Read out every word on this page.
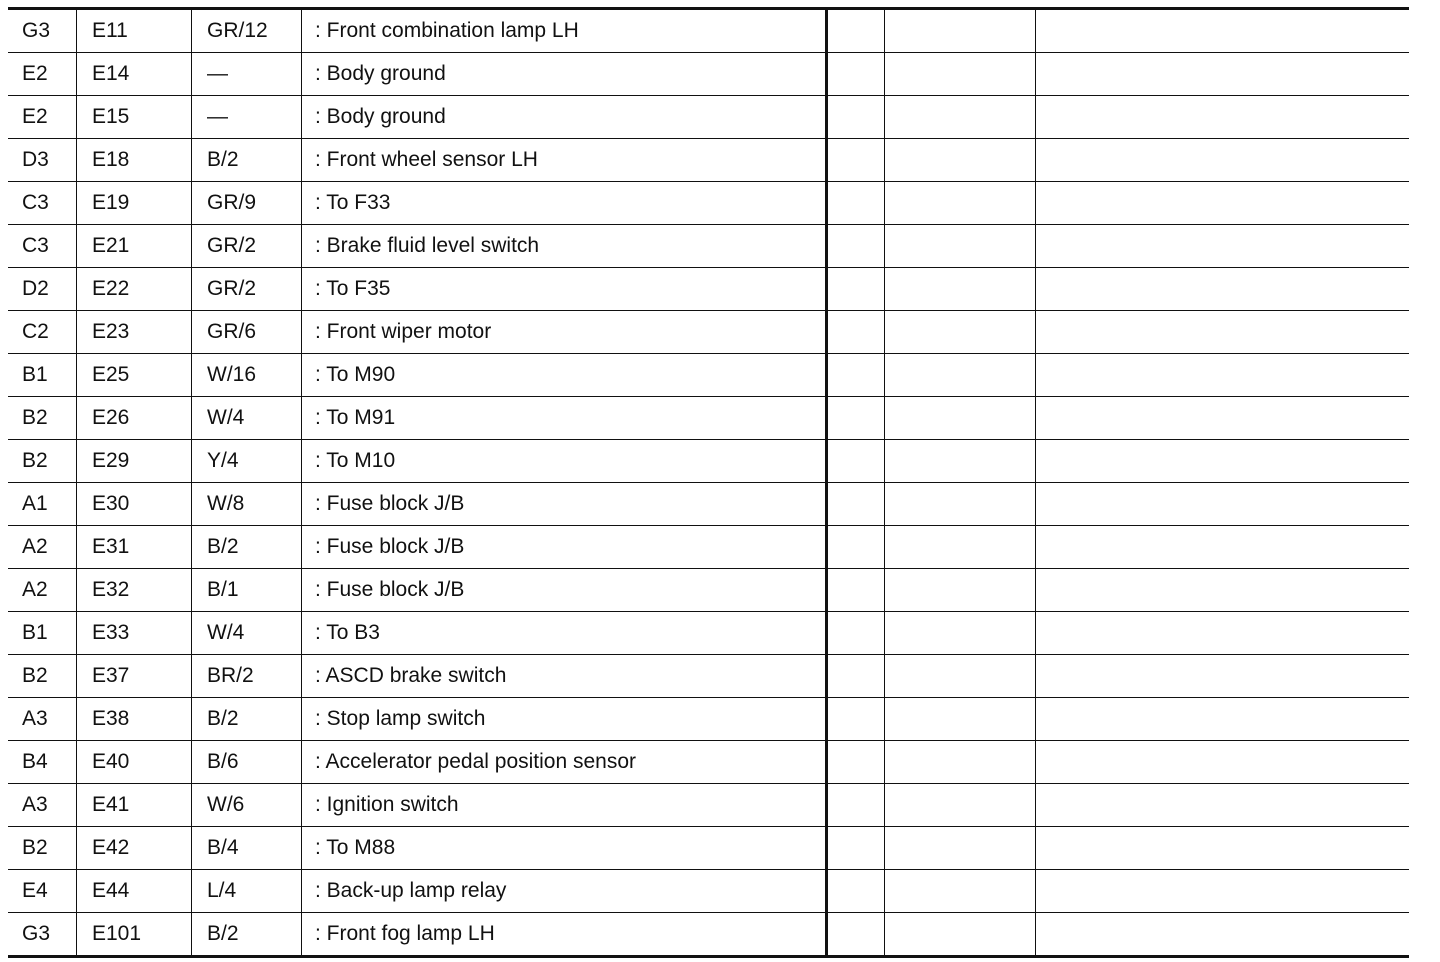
G3	E11	GR/12	: Front combination lamp LH			
E2	E14	—	: Body ground			
E2	E15	—	: Body ground			
D3	E18	B/2	: Front wheel sensor LH			
C3	E19	GR/9	: To F33			
C3	E21	GR/2	: Brake fluid level switch			
D2	E22	GR/2	: To F35			
C2	E23	GR/6	: Front wiper motor			
B1	E25	W/16	: To M90			
B2	E26	W/4	: To M91			
B2	E29	Y/4	: To M10			
A1	E30	W/8	: Fuse block J/B			
A2	E31	B/2	: Fuse block J/B			
A2	E32	B/1	: Fuse block J/B			
B1	E33	W/4	: To B3			
B2	E37	BR/2	: ASCD brake switch			
A3	E38	B/2	: Stop lamp switch			
B4	E40	B/6	: Accelerator pedal position sensor			
A3	E41	W/6	: Ignition switch			
B2	E42	B/4	: To M88			
E4	E44	L/4	: Back-up lamp relay			
G3	E101	B/2	: Front fog lamp LH			
